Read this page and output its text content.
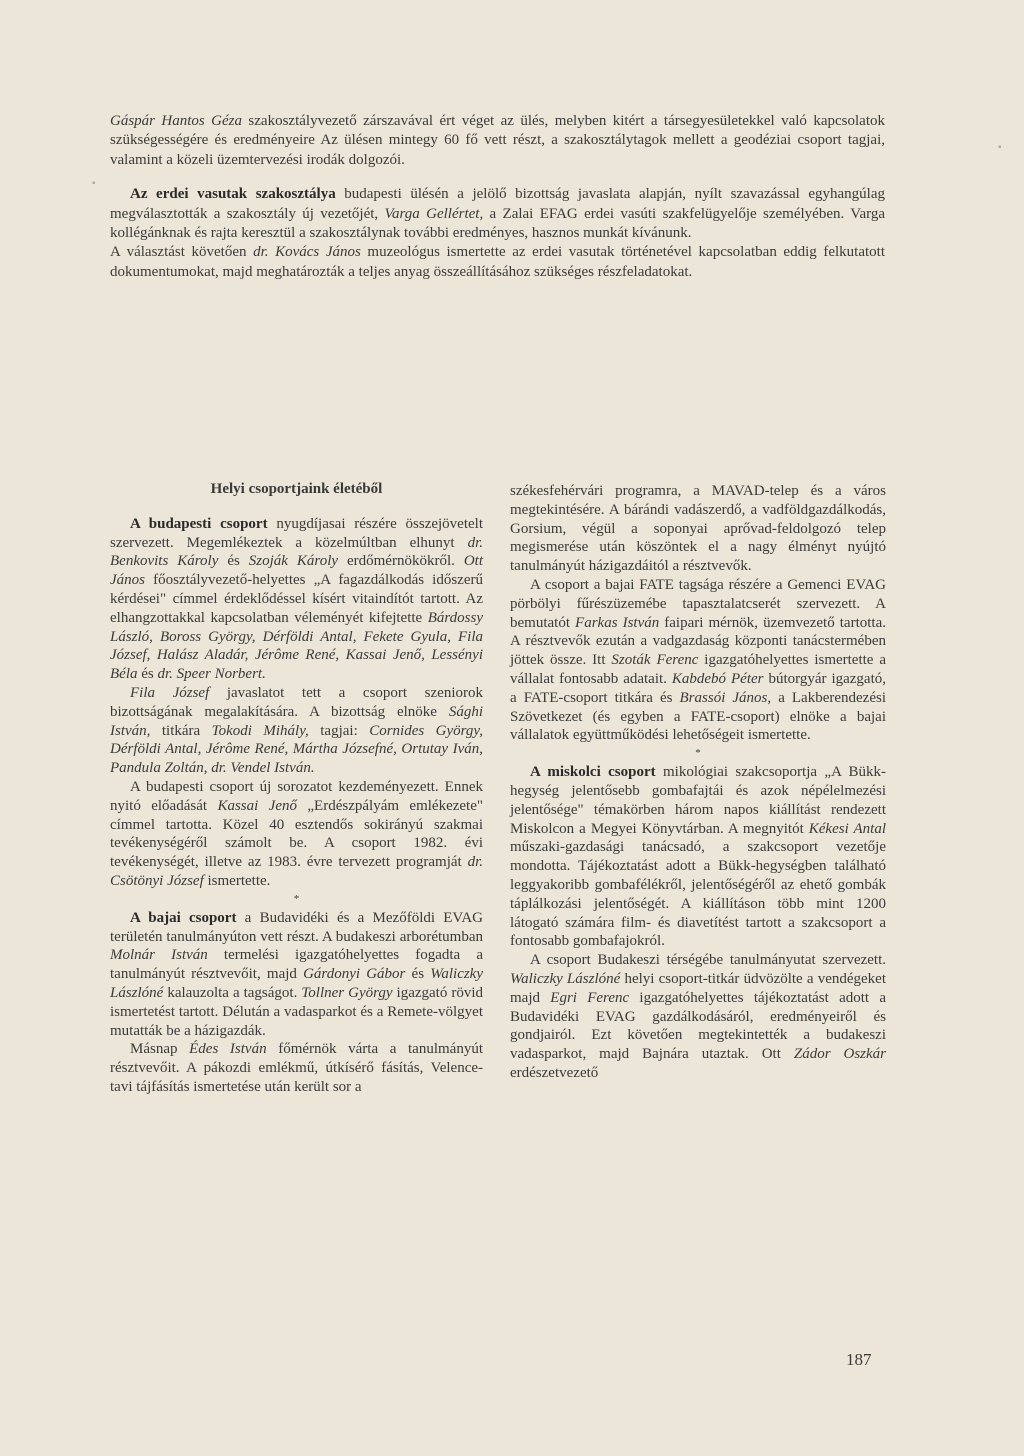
▪
▪

Gáspár Hantos Géza szakosztályvezető zárszavával ért véget az ülés, melyben kitért a társegyesületekkel való kapcsolatok szükségességére és eredményeire Az ülésen mintegy 60 fő vett részt, a szakosztálytagok mellett a geodéziai csoport tagjai, valamint a közeli üzemtervezési irodák dolgozói.

Az erdei vasutak szakosztálya budapesti ülésén a jelölő bizottság javaslata alapján, nyílt szavazással egyhangúlag megválasztották a szakosztály új vezetőjét, Varga Gellértet, a Zalai EFAG erdei vasúti szakfelügyelője személyében. Varga kollégánknak és rajta keresztül a szakosztálynak további eredményes, hasznos munkát kívánunk.

A választást követően dr. Kovács János muzeológus ismertette az erdei vasutak történetével kapcsolatban eddig felkutatott dokumentumokat, majd meghatározták a teljes anyag összeállításához szükséges részfeladatokat.

Helyi csoportjaink életéből

A budapesti csoport nyugdíjasai részére összejövetelt szervezett. Megemlékeztek a közelmúltban elhunyt dr. Benkovits Károly és Szoják Károly erdőmérnökökről. Ott János főosztályvezető-helyettes „A fagazdálkodás időszerű kérdései" címmel érdeklődéssel kísért vitaindítót tartott. Az elhangzottakkal kapcsolatban véleményét kifejtette Bárdossy László, Boross György, Dérföldi Antal, Fekete Gyula, Fila József, Halász Aladár, Jérôme René, Kassai Jenő, Lessényi Béla és dr. Speer Norbert.

Fila József javaslatot tett a csoport szeniorok bizottságának megalakítására. A bizottság elnöke Sághi István, titkára Tokodi Mihály, tagjai: Cornides György, Dérföldi Antal, Jérôme René, Mártha Józsefné, Ortutay Iván, Pandula Zoltán, dr. Vendel István.

A budapesti csoport új sorozatot kezdeményezett. Ennek nyitó előadását Kassai Jenő „Erdészpályám emlékezete" címmel tartotta. Közel 40 esztendős sokirányú szakmai tevékenységéről számolt be. A csoport 1982. évi tevékenységét, illetve az 1983. évre tervezett programját dr. Csötönyi József ismertette.

*

A bajai csoport a Budavidéki és a Mezőföldi EVAG területén tanulmányúton vett részt. A budakeszi arborétumban Molnár István termelési igazgatóhelyettes fogadta a tanulmányút résztvevőit, majd Gárdonyi Gábor és Waliczky Lászlóné kalauzolta a tagságot. Tollner György igazgató rövid ismertetést tartott. Délután a vadasparkot és a Remete-völgyet mutatták be a házigazdák.

Másnap Édes István főmérnök várta a tanulmányút résztvevőit. A pákozdi emlékmű, útkísérő fásítás, Velence-tavi tájfásítás ismertetése után került sor a

székesfehérvári programra, a MAVAD-telep és a város megtekintésére. A bárándi vadászerdő, a vadföldgazdálkodás, Gorsium, végül a soponyai aprővad-feldolgozó telep megismerése után köszöntek el a nagy élményt nyújtó tanulmányút házigazdáitól a résztvevők.

A csoport a bajai FATE tagsága részére a Gemenci EVAG pörbölyi fűrészüzemébe tapasztalatcserét szervezett. A bemutatót Farkas István faipari mérnök, üzemvezető tartotta. A résztvevők ezután a vadgazdaság központi tanácstermében jöttek össze. Itt Szoták Ferenc igazgatóhelyettes ismertette a vállalat fontosabb adatait. Kabdebó Péter bútorgyár igazgató, a FATE-csoport titkára és Brassói János, a Lakberendezési Szövetkezet (és egyben a FATE-csoport) elnöke a bajai vállalatok együttműködési lehetőségeit ismertette.

*

A miskolci csoport mikológiai szakcsoportja „A Bükk-hegység jelentősebb gombafajtái és azok népélelmezési jelentősége" témakörben három napos kiállítást rendezett Miskolcon a Megyei Könyvtárban. A megnyitót Kékesi Antal műszaki-gazdasági tanácsadó, a szakcsoport vezetője mondotta. Tájékoztatást adott a Bükk-hegységben található leggyakoribb gombafélékről, jelentőségéről az ehető gombák táplálkozási jelentőségét. A kiállításon több mint 1200 látogató számára film- és diavetítést tartott a szakcsoport a fontosabb gombafajokról.

A csoport Budakeszi térségébe tanulmányutat szervezett. Waliczky Lászlóné helyi csoport-titkár üdvözölte a vendégeket majd Egri Ferenc igazgatóhelyettes tájékoztatást adott a Budavidéki EVAG gazdálkodásáról, eredményeiről és gondjairól. Ezt követően megtekintették a budakeszi vadasparkot, majd Bajnára utaztak. Ott Zádor Oszkár erdészetvezető

187
